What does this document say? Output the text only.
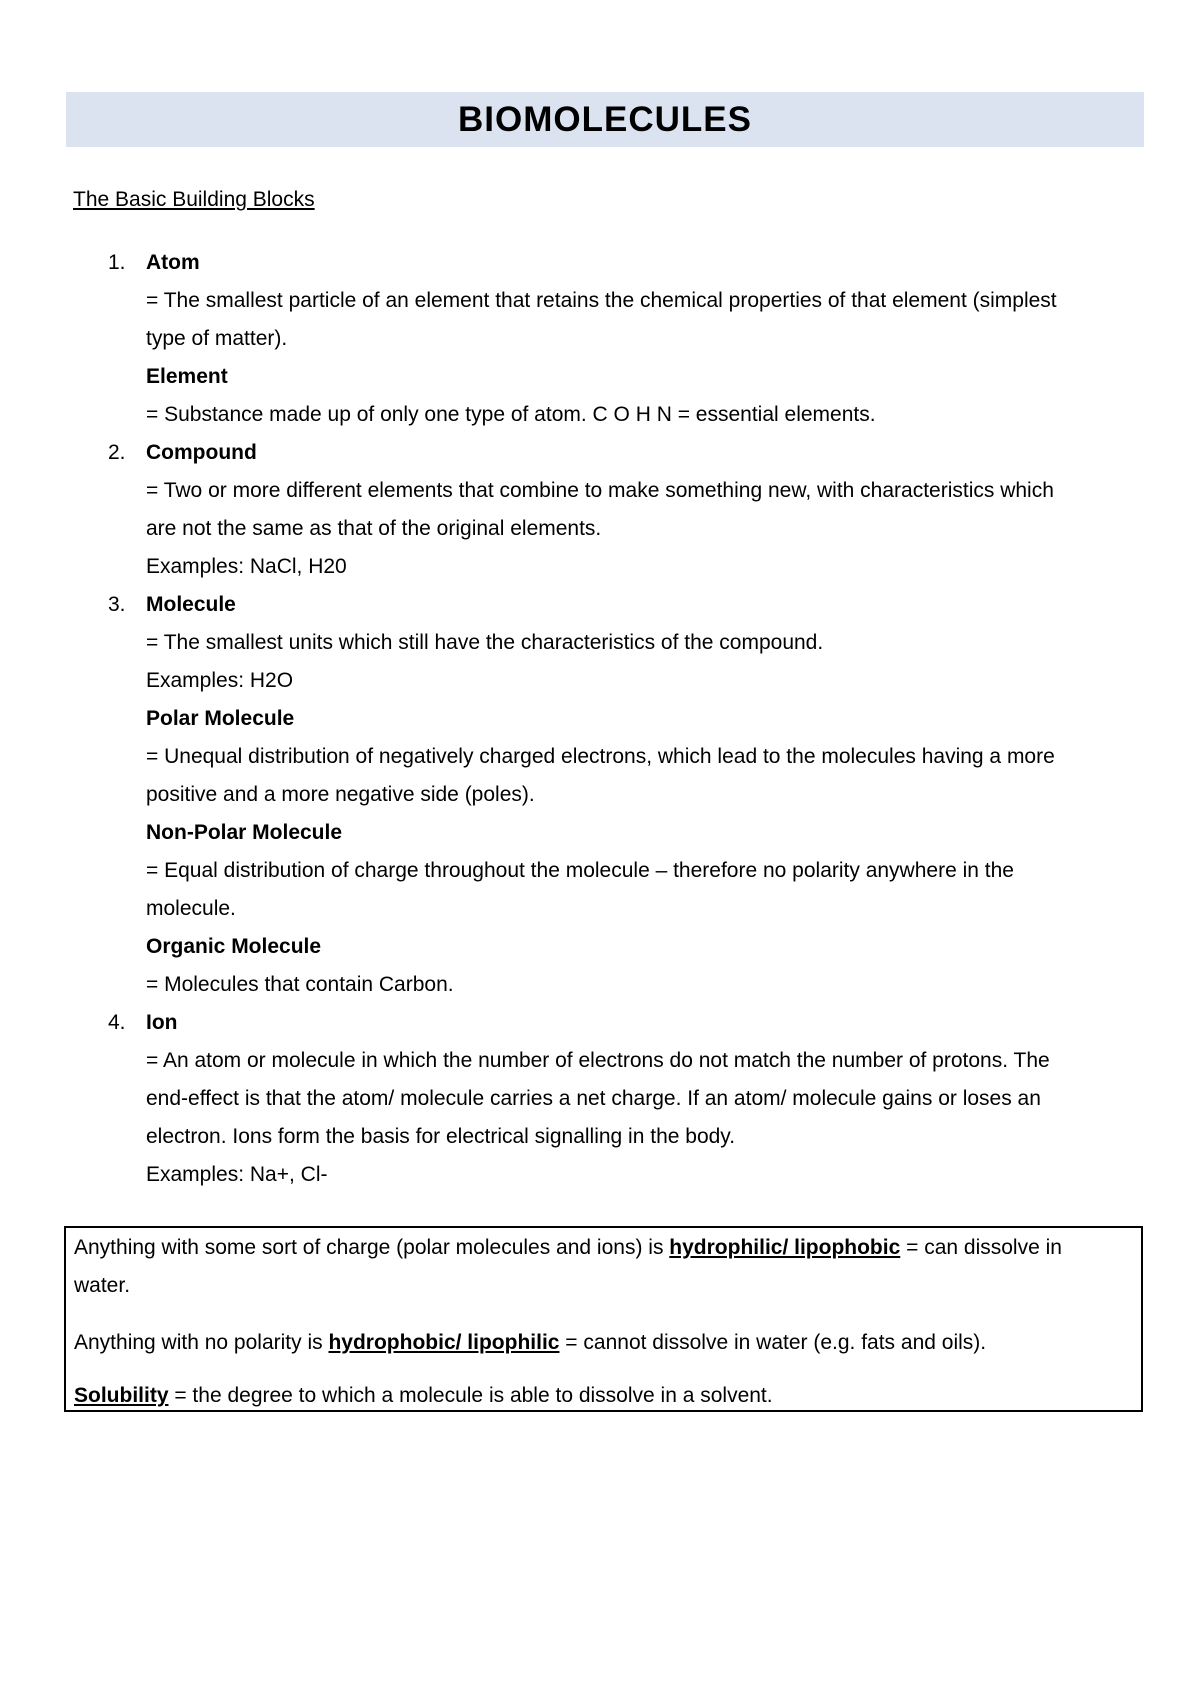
BIOMOLECULES
The Basic Building Blocks
1. Atom
= The smallest particle of an element that retains the chemical properties of that element (simplest
type of matter).
Element
= Substance made up of only one type of atom. C O H N = essential elements.
2. Compound
= Two or more different elements that combine to make something new, with characteristics which
are not the same as that of the original elements.
Examples: NaCl, H20
3. Molecule
= The smallest units which still have the characteristics of the compound.
Examples: H2O
Polar Molecule
= Unequal distribution of negatively charged electrons, which lead to the molecules having a more
positive and a more negative side (poles).
Non-Polar Molecule
= Equal distribution of charge throughout the molecule – therefore no polarity anywhere in the
molecule.
Organic Molecule
= Molecules that contain Carbon.
4. Ion
= An atom or molecule in which the number of electrons do not match the number of protons. The
end-effect is that the atom/ molecule carries a net charge. If an atom/ molecule gains or loses an
electron. Ions form the basis for electrical signalling in the body.
Examples: Na+, Cl-

Anything with some sort of charge (polar molecules and ions) is hydrophilic/ lipophobic = can dissolve in

water.

Anything with no polarity is hydrophobic/ lipophilic = cannot dissolve in water (e.g. fats and oils).

Solubility = the degree to which a molecule is able to dissolve in a solvent.
